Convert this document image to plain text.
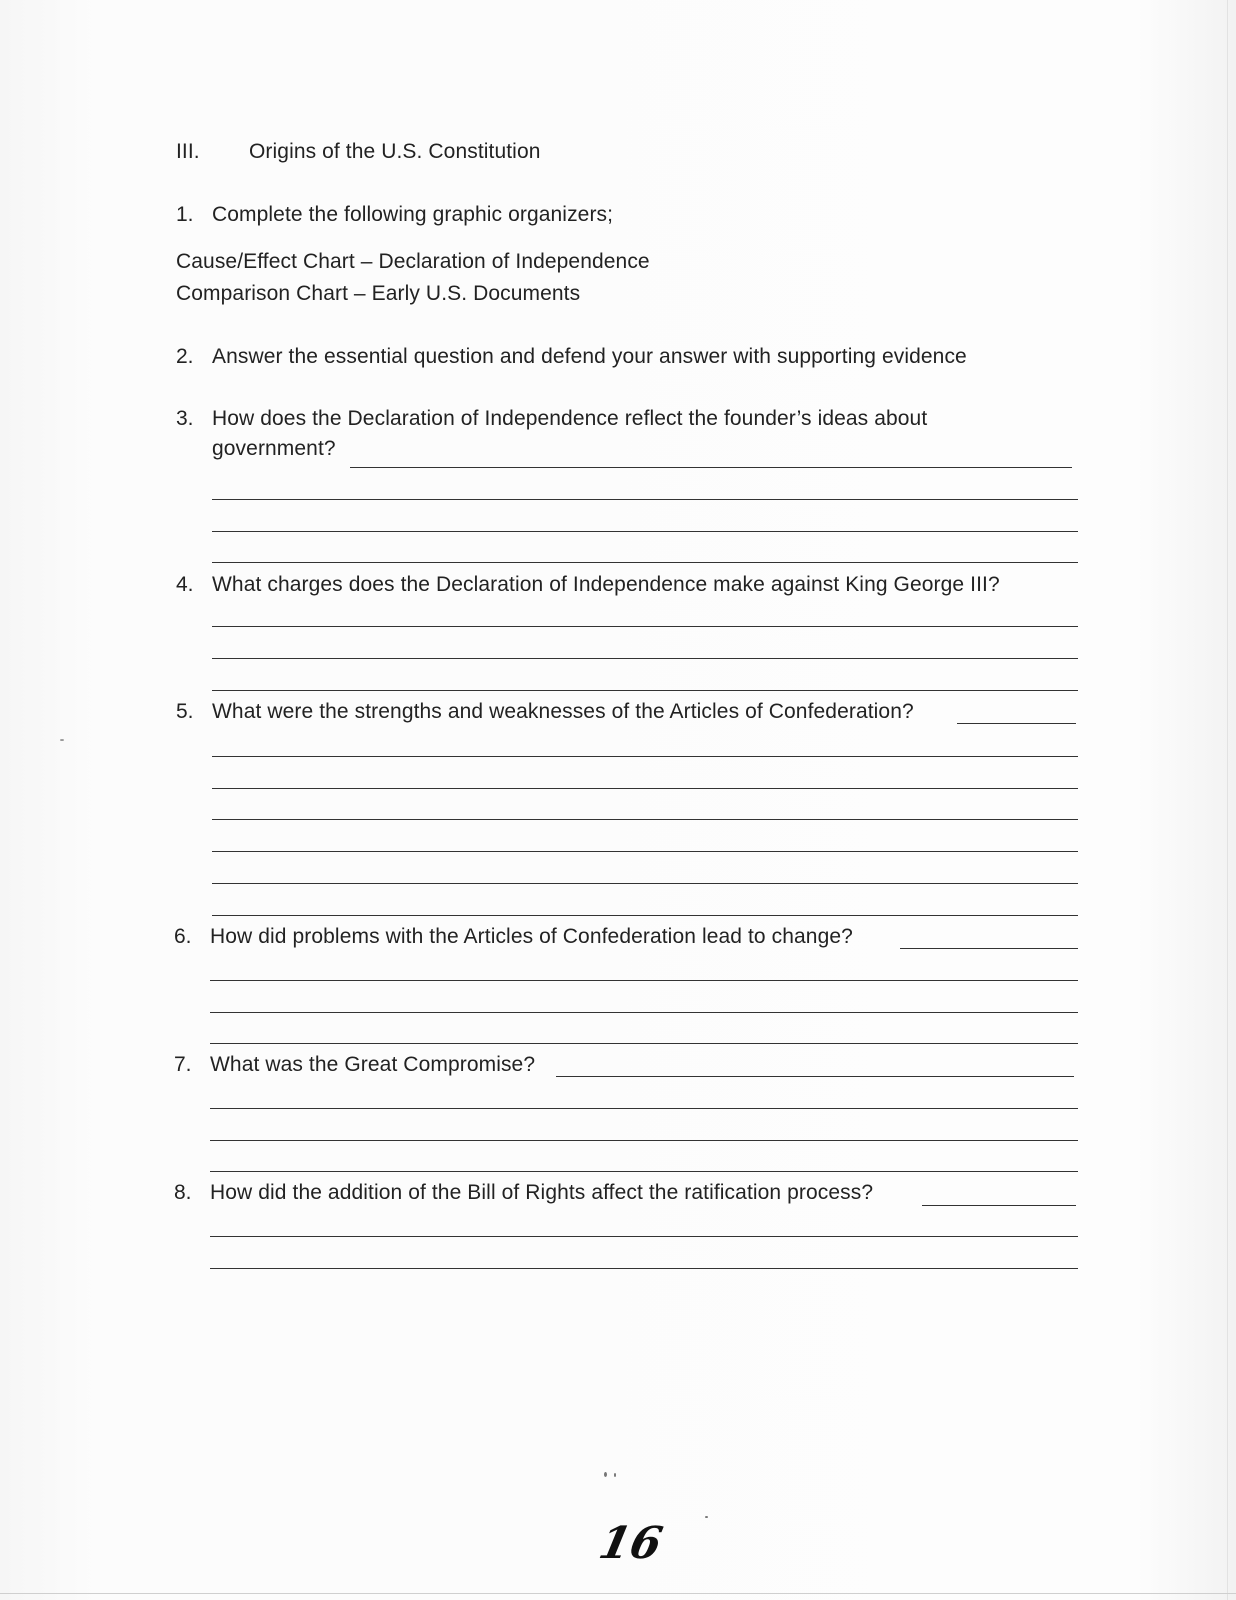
III. Origins of the U.S. Constitution
1. Complete the following graphic organizers;
Cause/Effect Chart – Declaration of Independence
Comparison Chart – Early U.S. Documents
2. Answer the essential question and defend your answer with supporting evidence
3. How does the Declaration of Independence reflect the founder’s ideas about
government?
4. What charges does the Declaration of Independence make against King George III?
5. What were the strengths and weaknesses of the Articles of Confederation?
6. How did problems with the Articles of Confederation lead to change?
7. What was the Great Compromise?
8. How did the addition of the Bill of Rights affect the ratification process?
16
